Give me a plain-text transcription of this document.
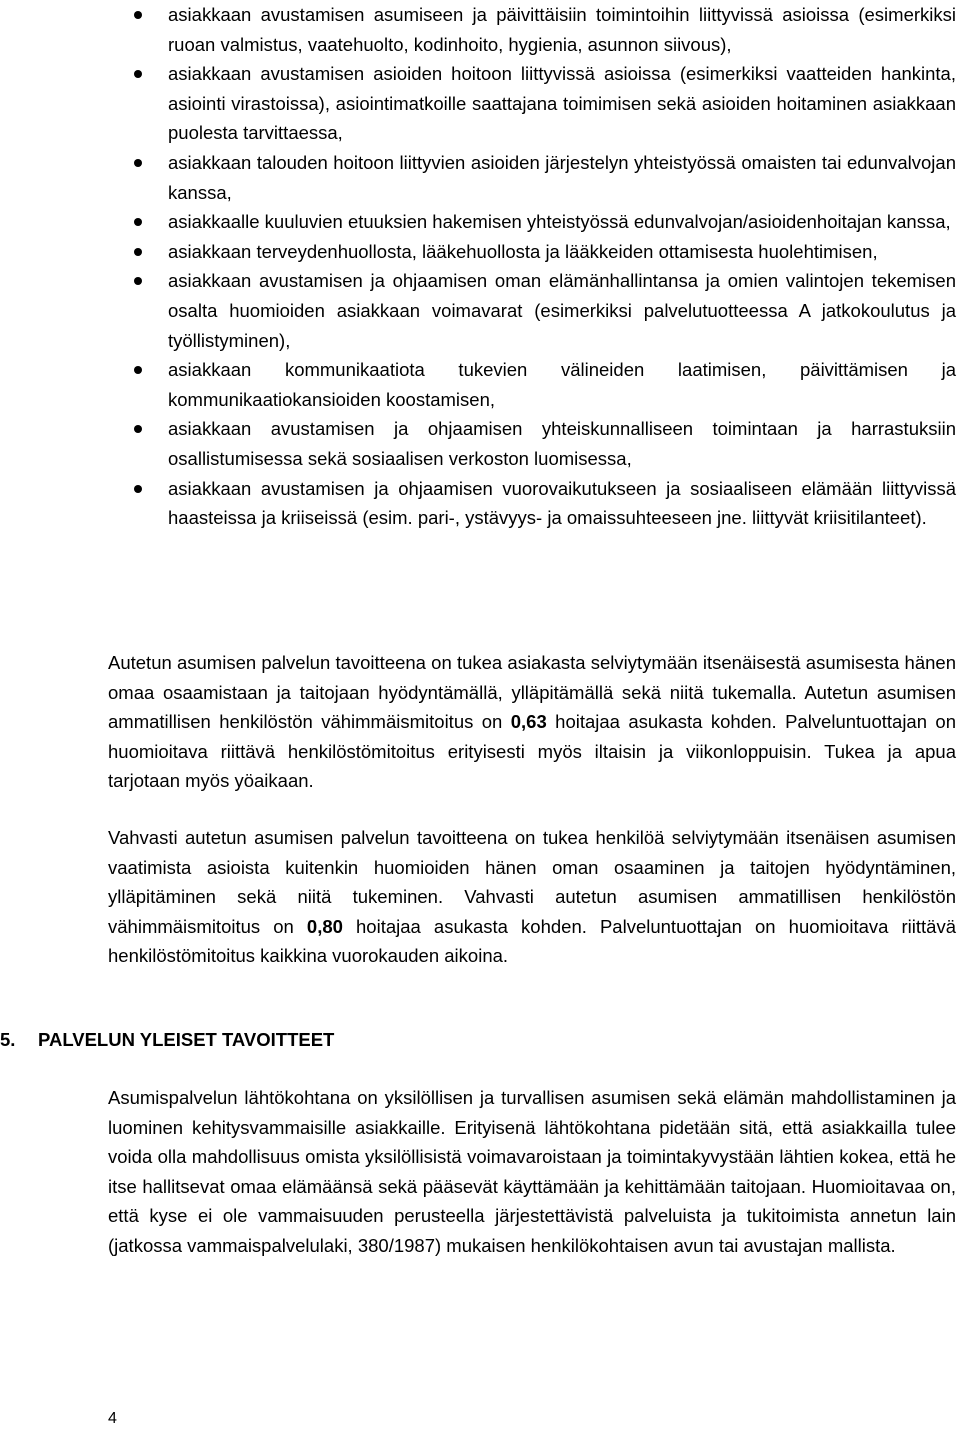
asiakkaan avustamisen asumiseen ja päivittäisiin toimintoihin liittyvissä asioissa (esimerkiksi ruoan valmistus, vaatehuolto, kodinhoito, hygienia, asunnon siivous),
asiakkaan avustamisen asioiden hoitoon liittyvissä asioissa (esimerkiksi vaatteiden hankinta, asiointi virastoissa), asiointimatkoille saattajana toimimisen sekä asioiden hoitaminen asiakkaan puolesta tarvittaessa,
asiakkaan talouden hoitoon liittyvien asioiden järjestelyn yhteistyössä omaisten tai edunvalvojan kanssa,
asiakkaalle kuuluvien etuuksien hakemisen yhteistyössä edunvalvojan/asioidenhoitajan kanssa,
asiakkaan terveydenhuollosta, lääkehuollosta ja lääkkeiden ottamisesta huolehtimisen,
asiakkaan avustamisen ja ohjaamisen oman elämänhallintansa ja omien valintojen tekemisen osalta huomioiden asiakkaan voimavarat (esimerkiksi palvelutuotteessa A jatkokoulutus ja työllistyminen),
asiakkaan kommunikaatiota tukevien välineiden laatimisen, päivittämisen ja kommunikaatiokansioiden koostamisen,
asiakkaan avustamisen ja ohjaamisen yhteiskunnalliseen toimintaan ja harrastuksiin osallistumisessa sekä sosiaalisen verkoston luomisessa,
asiakkaan avustamisen ja ohjaamisen vuorovaikutukseen ja sosiaaliseen elämään liittyvissä haasteissa ja kriiseissä (esim. pari-, ystävyys- ja omaissuhteeseen jne. liittyvät kriisitilanteet).

Autetun asumisen palvelun tavoitteena on tukea asiakasta selviytymään itsenäisestä asumisesta hänen omaa osaamistaan ja taitojaan hyödyntämällä, ylläpitämällä sekä niitä tukemalla. Autetun asumisen ammatillisen henkilöstön vähimmäismitoitus on 0,63 hoitajaa asukasta kohden. Palveluntuottajan on huomioitava riittävä henkilöstömitoitus erityisesti myös iltaisin ja viikonloppuisin. Tukea ja apua tarjotaan myös yöaikaan.

Vahvasti autetun asumisen palvelun tavoitteena on tukea henkilöä selviytymään itsenäisen asumisen vaatimista asioista kuitenkin huomioiden hänen oman osaaminen ja taitojen hyödyntäminen, ylläpitäminen sekä niitä tukeminen. Vahvasti autetun asumisen ammatillisen henkilöstön vähimmäismitoitus on 0,80 hoitajaa asukasta kohden. Palveluntuottajan on huomioitava riittävä henkilöstömitoitus kaikkina vuorokauden aikoina.

5. PALVELUN YLEISET TAVOITTEET

Asumispalvelun lähtökohtana on yksilöllisen ja turvallisen asumisen sekä elämän mahdollistaminen ja luominen kehitysvammaisille asiakkaille. Erityisenä lähtökohtana pidetään sitä, että asiakkailla tulee voida olla mahdollisuus omista yksilöllisistä voimavaroistaan ja toimintakyvystään lähtien kokea, että he itse hallitsevat omaa elämäänsä sekä pääsevät käyttämään ja kehittämään taitojaan. Huomioitavaa on, että kyse ei ole vammaisuuden perusteella järjestettävistä palveluista ja tukitoimista annetun lain (jatkossa vammaispalvelulaki, 380/1987) mukaisen henkilökohtaisen avun tai avustajan mallista.

4
